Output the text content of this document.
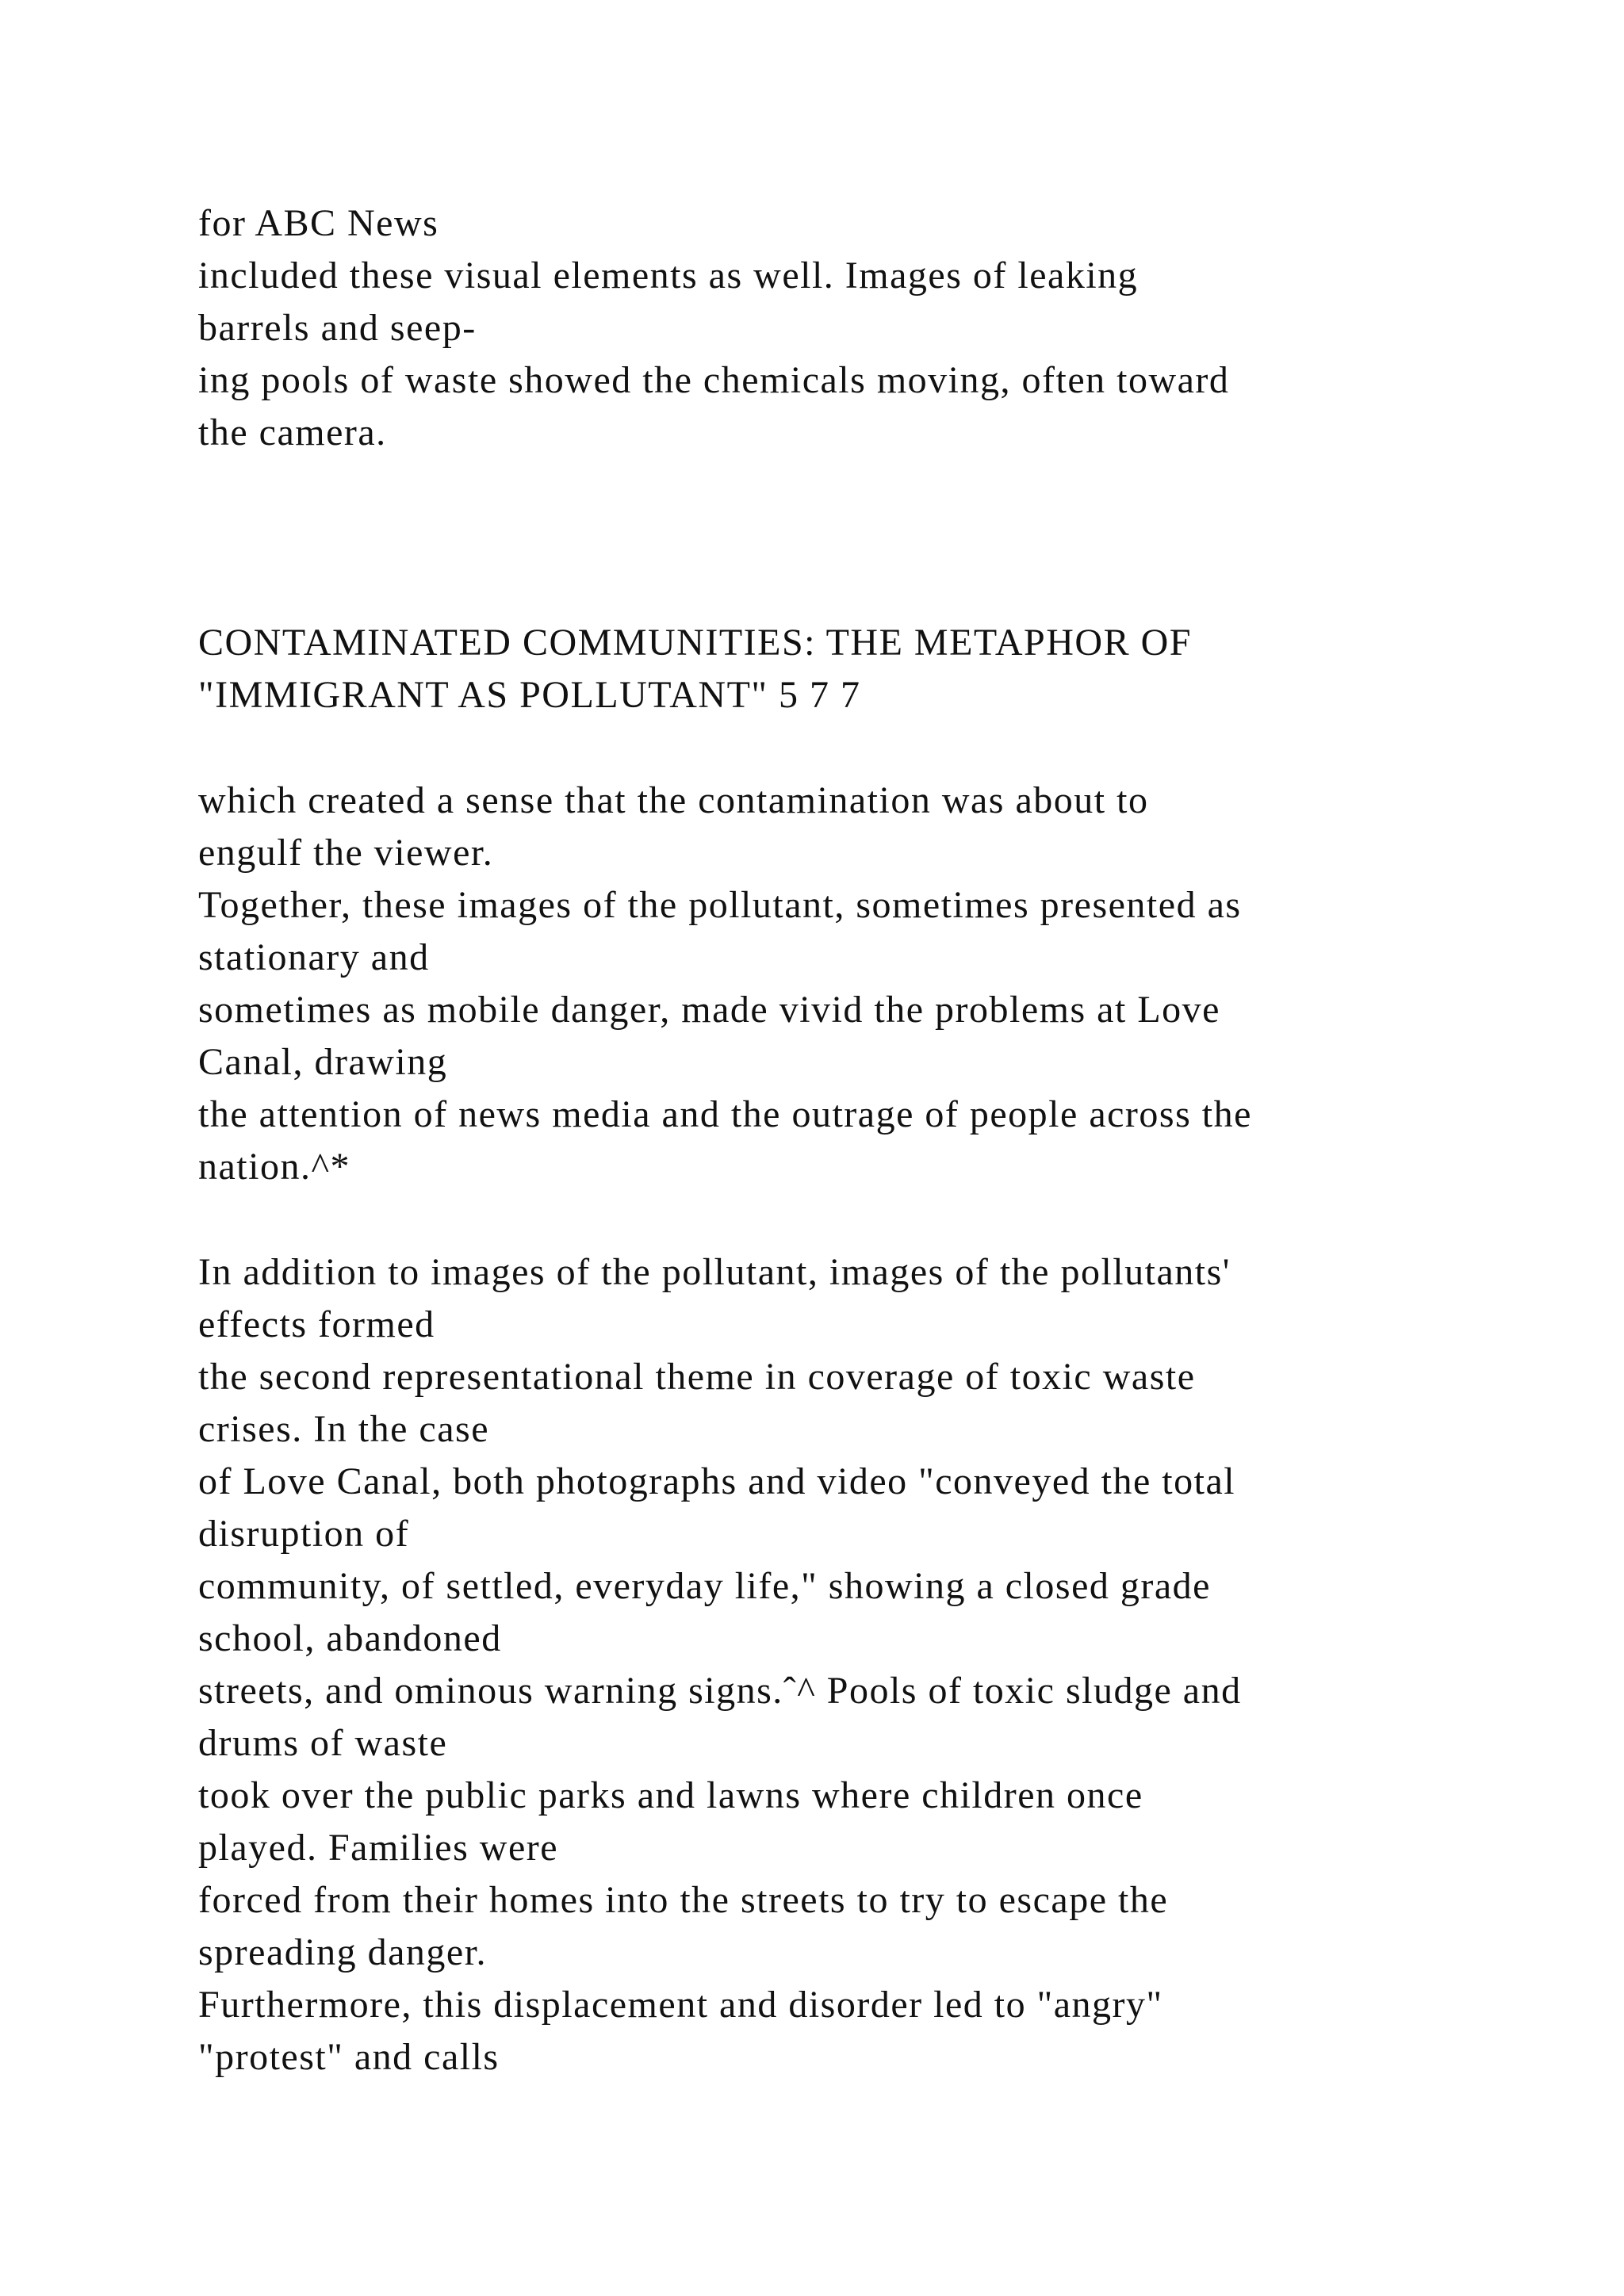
for ABC News
included these visual elements as well. Images of leaking
barrels and seep-
ing pools of waste showed the chemicals moving, often toward
the camera.
CONTAMINATED COMMUNITIES: THE METAPHOR OF
"IMMIGRANT AS POLLUTANT" 5 7 7
which created a sense that the contamination was about to
engulf the viewer.
Together, these images of the pollutant, sometimes presented as
stationary and
sometimes as mobile danger, made vivid the problems at Love
Canal, drawing
the attention of news media and the outrage of people across the
nation.^*
In addition to images of the pollutant, images of the pollutants'
effects formed
the second representational theme in coverage of toxic waste
crises. In the case
of Love Canal, both photographs and video "conveyed the total
disruption of
community, of settled, everyday life," showing a closed grade
school, abandoned
streets, and ominous warning signs.ˆ^ Pools of toxic sludge and
drums of waste
took over the public parks and lawns where children once
played. Families were
forced from their homes into the streets to try to escape the
spreading danger.
Furthermore, this displacement and disorder led to "angry"
"protest" and calls
